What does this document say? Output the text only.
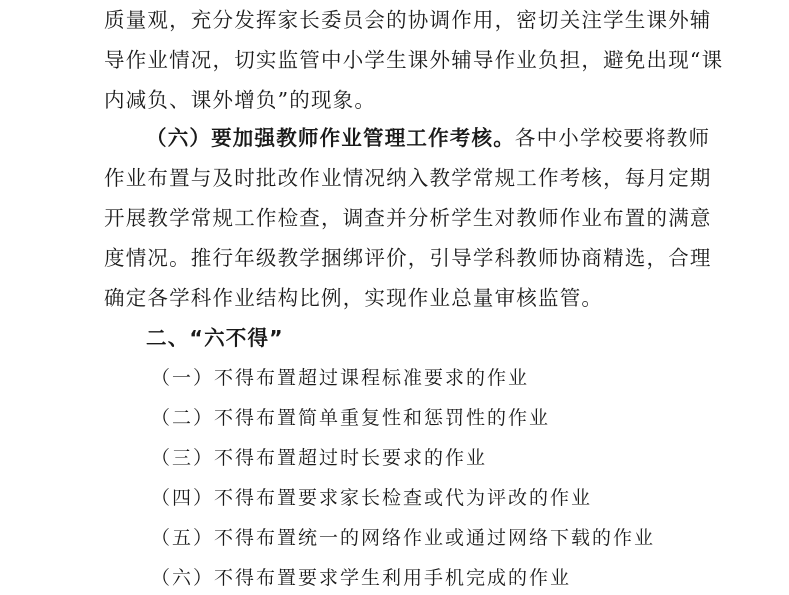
质量观，充分发挥家长委员会的协调作用，密切关注学生课外辅
导作业情况，切实监管中小学生课外辅导作业负担，避免出现“课
内减负、课外增负”的现象。
（六）要加强教师作业管理工作考核。各中小学校要将教师
作业布置与及时批改作业情况纳入教学常规工作考核，每月定期
开展教学常规工作检查，调查并分析学生对教师作业布置的满意
度情况。推行年级教学捆绑评价，引导学科教师协商精选，合理
确定各学科作业结构比例，实现作业总量审核监管。
二、“六不得”
（一）不得布置超过课程标准要求的作业
（二）不得布置简单重复性和惩罚性的作业
（三）不得布置超过时长要求的作业
（四）不得布置要求家长检查或代为评改的作业
（五）不得布置统一的网络作业或通过网络下载的作业
（六）不得布置要求学生利用手机完成的作业
